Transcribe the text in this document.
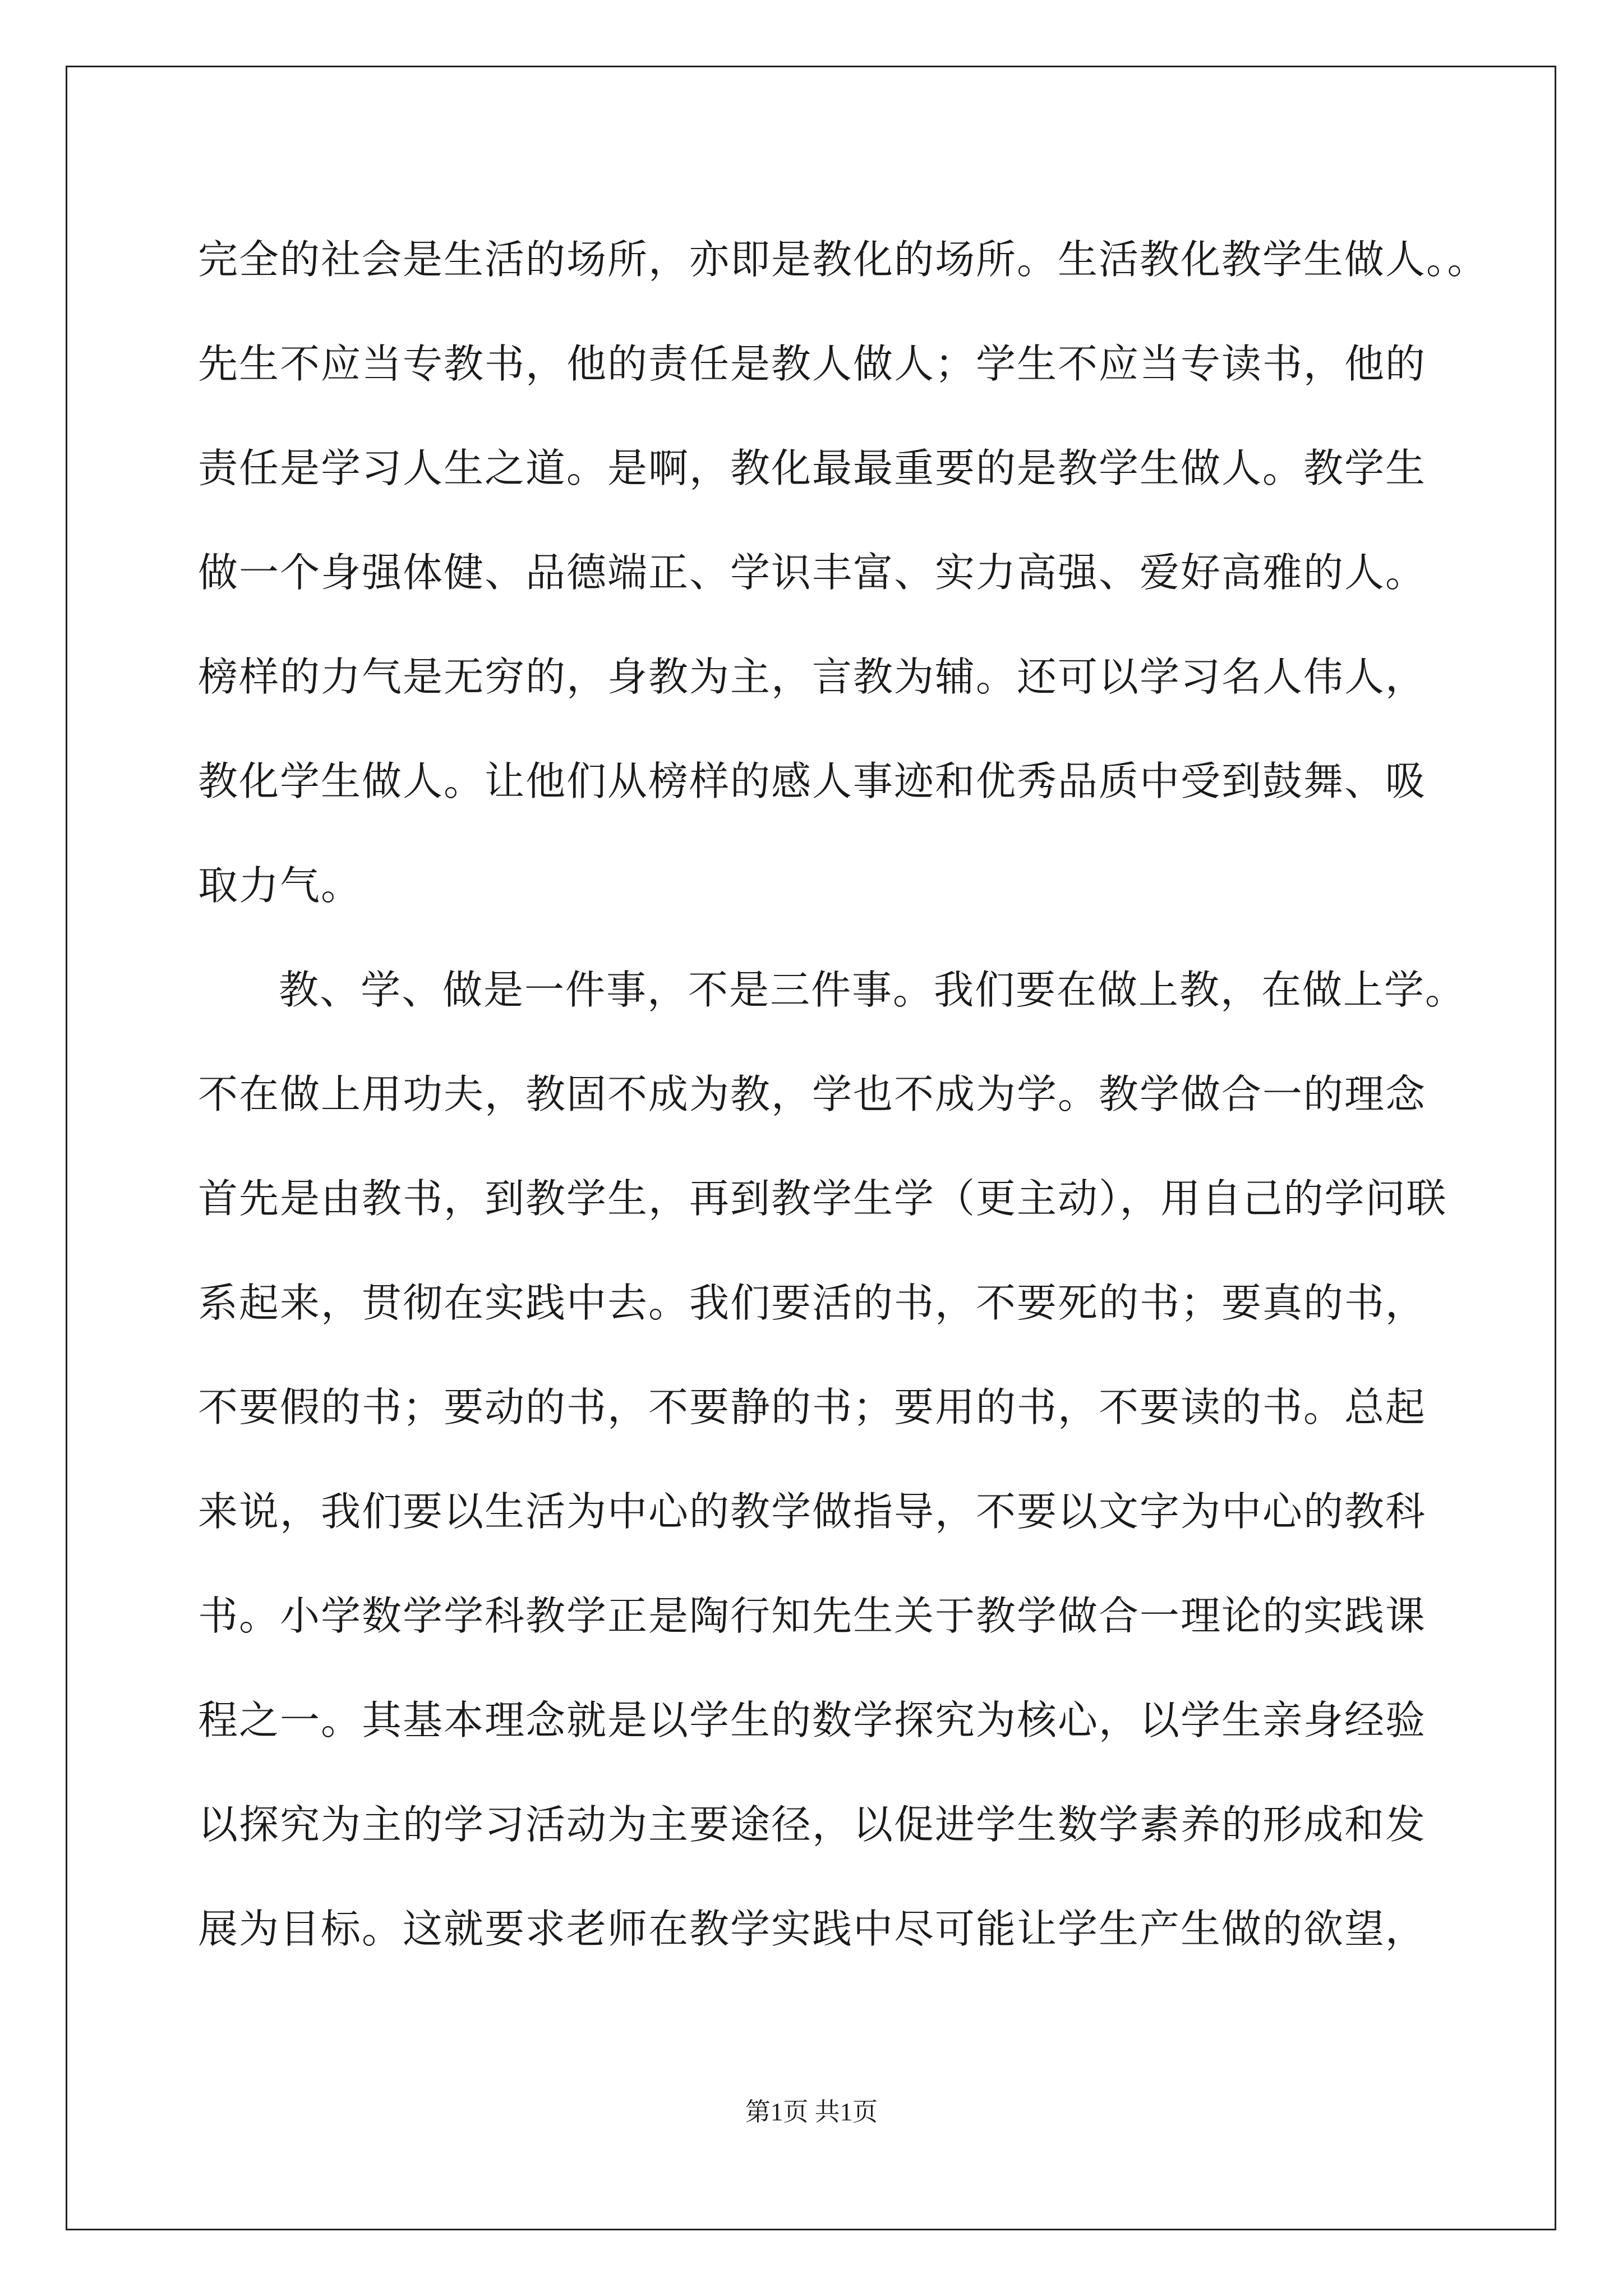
完全的社会是生活的场所，亦即是教化的场所。生活教化教学生做人。。
先生不应当专教书，他的责任是教人做人；学生不应当专读书，他的
责任是学习人生之道。是啊，教化最最重要的是教学生做人。教学生
做一个身强体健、品德端正、学识丰富、实力高强、爱好高雅的人。
榜样的力气是无穷的，身教为主，言教为辅。还可以学习名人伟人，
教化学生做人。让他们从榜样的感人事迹和优秀品质中受到鼓舞、吸
取力气。
教、学、做是一件事，不是三件事。我们要在做上教，在做上学。
不在做上用功夫，教固不成为教，学也不成为学。教学做合一的理念
首先是由教书，到教学生，再到教学生学（更主动），用自己的学问联
系起来，贯彻在实践中去。我们要活的书，不要死的书；要真的书，
不要假的书；要动的书，不要静的书；要用的书，不要读的书。总起
来说，我们要以生活为中心的教学做指导，不要以文字为中心的教科
书。小学数学学科教学正是陶行知先生关于教学做合一理论的实践课
程之一。其基本理念就是以学生的数学探究为核心，以学生亲身经验
以探究为主的学习活动为主要途径，以促进学生数学素养的形成和发
展为目标。这就要求老师在教学实践中尽可能让学生产生做的欲望，
第1页 共1页
